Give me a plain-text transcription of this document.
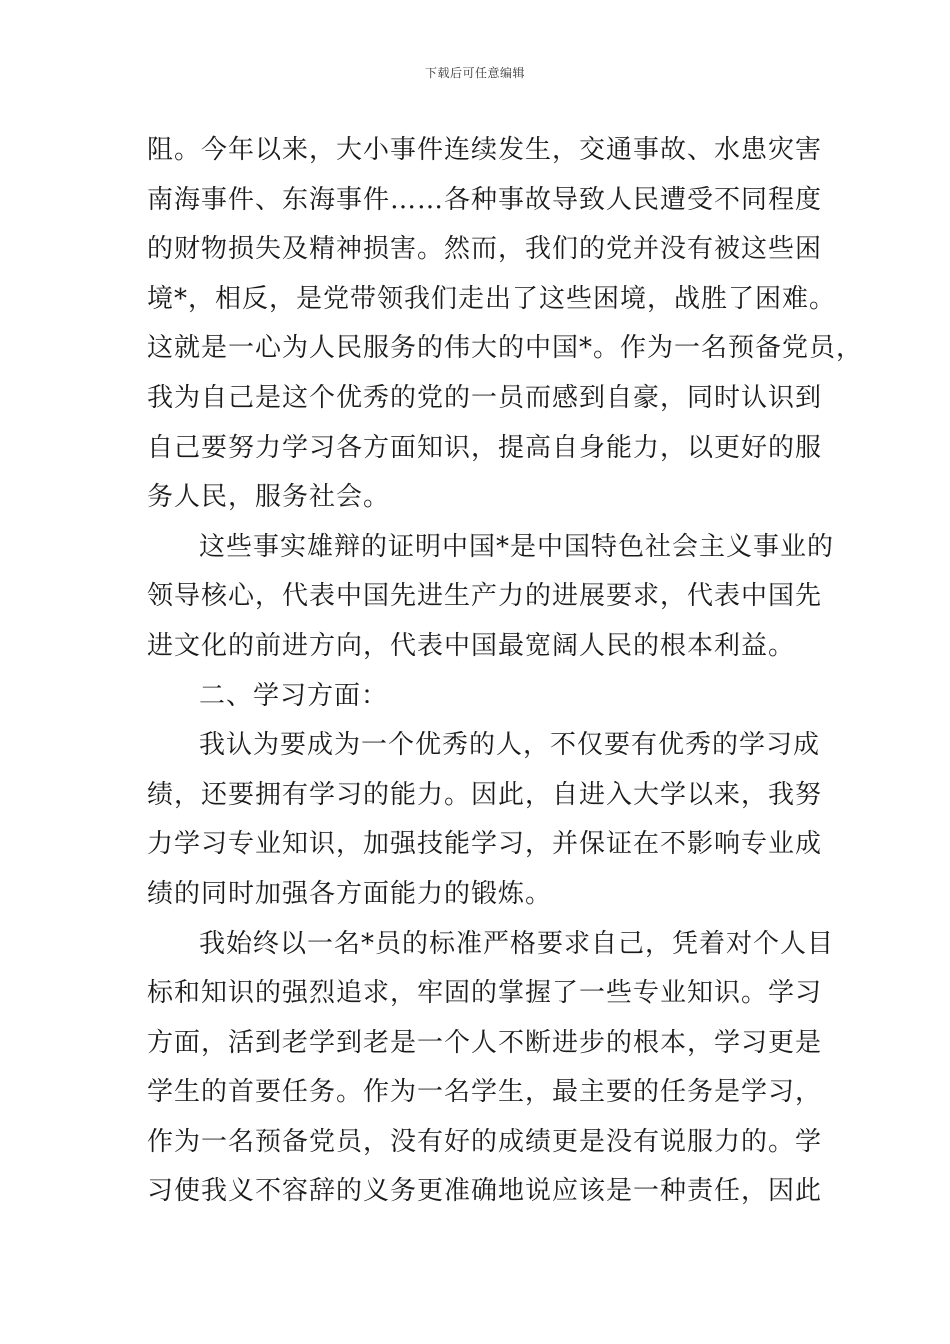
下载后可任意编辑
阻。今年以来，大小事件连续发生，交通事故、水患灾害
南海事件、东海事件……各种事故导致人民遭受不同程度
的财物损失及精神损害。然而，我们的党并没有被这些困
境*，相反，是党带领我们走出了这些困境，战胜了困难。
这就是一心为人民服务的伟大的中国*。作为一名预备党员，
我为自己是这个优秀的党的一员而感到自豪，同时认识到
自己要努力学习各方面知识，提高自身能力，以更好的服
务人民，服务社会。
这些事实雄辩的证明中国*是中国特色社会主义事业的
领导核心，代表中国先进生产力的进展要求，代表中国先
进文化的前进方向，代表中国最宽阔人民的根本利益。
二、学习方面：
我认为要成为一个优秀的人，不仅要有优秀的学习成
绩，还要拥有学习的能力。因此，自进入大学以来，我努
力学习专业知识，加强技能学习，并保证在不影响专业成
绩的同时加强各方面能力的锻炼。
我始终以一名*员的标准严格要求自己，凭着对个人目
标和知识的强烈追求，牢固的掌握了一些专业知识。学习
方面，活到老学到老是一个人不断进步的根本，学习更是
学生的首要任务。作为一名学生，最主要的任务是学习，
作为一名预备党员，没有好的成绩更是没有说服力的。学
习使我义不容辞的义务更准确地说应该是一种责任，因此
